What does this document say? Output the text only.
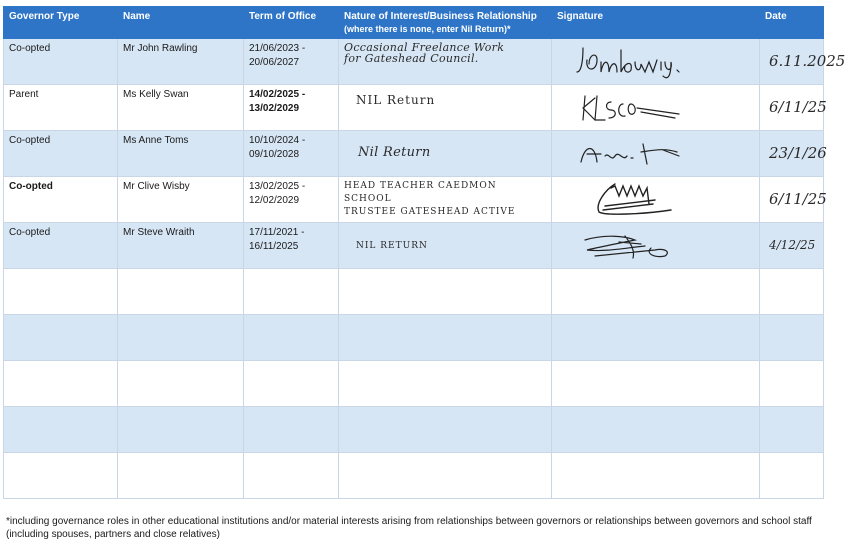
Governor Type	Name	Term of Office	Nature of Interest/Business Relationship
(where there is none, enter Nil Return)*	Signature	Date
Co-opted	Mr John Rawling	21/06/2023 -
20/06/2027	Occasional Freelance Work
for Gateshead Council.		6.11.2025

Parent	Ms Kelly Swan	14/02/2025 -
13/02/2029	NIL Return		6/11/25

Co-opted	Ms Anne Toms	10/10/2024 -
09/10/2028	Nil Return		23/1/26

Co-opted	Mr Clive Wisby	13/02/2025 -
12/02/2029	HEAD TEACHER CAEDMON SCHOOL
TRUSTEE GATESHEAD ACTIVE		6/11/25

Co-opted	Mr Steve Wraith	17/11/2021 -
16/11/2025	NIL RETURN		4/12/25

*including governance roles in other educational institutions and/or material interests arising from relationships between governors or relationships between governors and school staff (including spouses, partners and close relatives)
